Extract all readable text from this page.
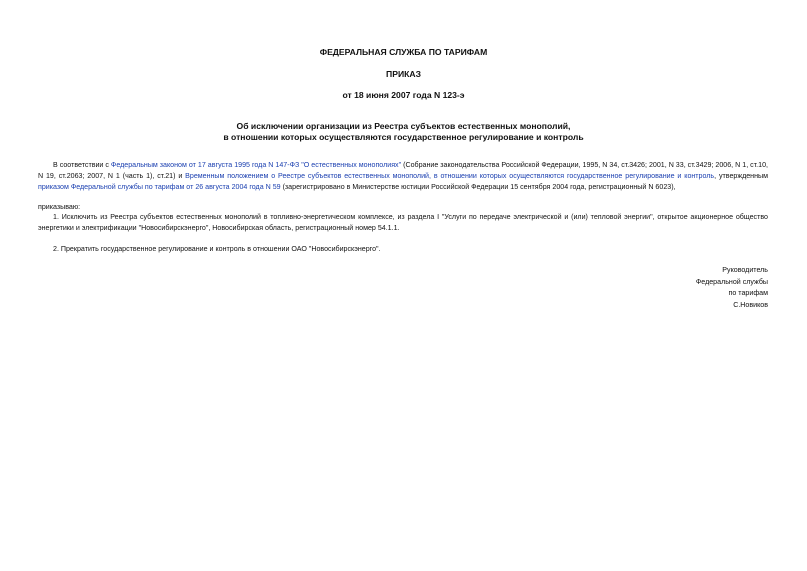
ФЕДЕРАЛЬНАЯ СЛУЖБА ПО ТАРИФАМ
ПРИКАЗ
от 18 июня 2007 года N 123-э
Об исключении организации из Реестра субъектов естественных монополий,
в отношении которых осуществляются государственное регулирование и контроль
В соответствии с Федеральным законом от 17 августа 1995 года N 147-ФЗ "О естественных монополиях" (Собрание законодательства Российской Федерации, 1995, N 34, ст.3426; 2001, N 33, ст.3429; 2006, N 1, ст.10, N 19, ст.2063; 2007, N 1 (часть 1), ст.21) и Временным положением о Реестре субъектов естественных монополий, в отношении которых осуществляются государственное регулирование и контроль, утвержденным приказом Федеральной службы по тарифам от 26 августа 2004 года N 59 (зарегистрировано в Министерстве юстиции Российской Федерации 15 сентября 2004 года, регистрационный N 6023),
приказываю:
1. Исключить из Реестра субъектов естественных монополий в топливно-энергетическом комплексе, из раздела I "Услуги по передаче электрической и (или) тепловой энергии", открытое акционерное общество энергетики и электрификации "Новосибирскэнерго", Новосибирская область, регистрационный номер 54.1.1.
2. Прекратить государственное регулирование и контроль в отношении ОАО "Новосибирскэнерго".
Руководитель
Федеральной службы
по тарифам
С.Новиков
